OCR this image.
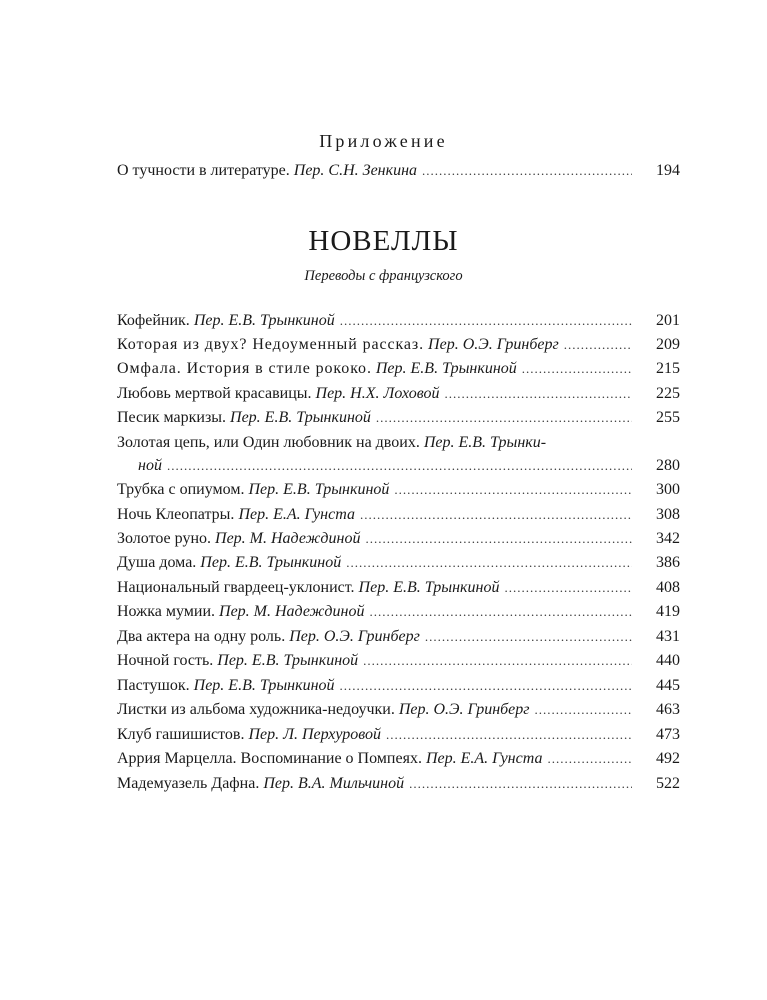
Приложение
О тучности в литературе.
Пер. С.Н. Зенкина .....	194
НОВЕЛЛЫ
Переводы с французского
Кофейник.
Пер. Е.В. Трынкиной .....	201
Которая из двух? Недоуменный рассказ.
Пер. О.Э. Гринберг .....	209
Омфала. История в стиле рококо.
Пер. Е.В. Трынкиной .....	215
Любовь мертвой красавицы.
Пер. Н.Х. Лоховой .....	225
Песик маркизы.
Пер. Е.В. Трынкиной .....	255
Золотая цепь, или Один любовник на двоих.
Пер. Е.В. Трынки-
ной .....	280
Трубка с опиумом.
Пер. Е.В. Трынкиной .....	300
Ночь Клеопатры.
Пер. Е.А. Гунста .....	308
Золотое руно.
Пер. М. Надеждиной .....	342
Душа дома.
Пер. Е.В. Трынкиной .....	386
Национальный гвардеец-уклонист.
Пер. Е.В. Трынкиной .....	408
Ножка мумии.
Пер. М. Надеждиной .....	419
Два актера на одну роль.
Пер. О.Э. Гринберг .....	431
Ночной гость.
Пер. Е.В. Трынкиной .....	440
Пастушок.
Пер. Е.В. Трынкиной .....	445
Листки из альбома художника-недоучки.
Пер. О.Э. Гринберг .....	463
Клуб гашишистов.
Пер. Л. Перхуровой .....	473
Аррия Марцелла. Воспоминание о Помпеях.
Пер. Е.А. Гунста .....	492
Мадемуазель Дафна.
Пер. В.А. Мильчиной .....	522
